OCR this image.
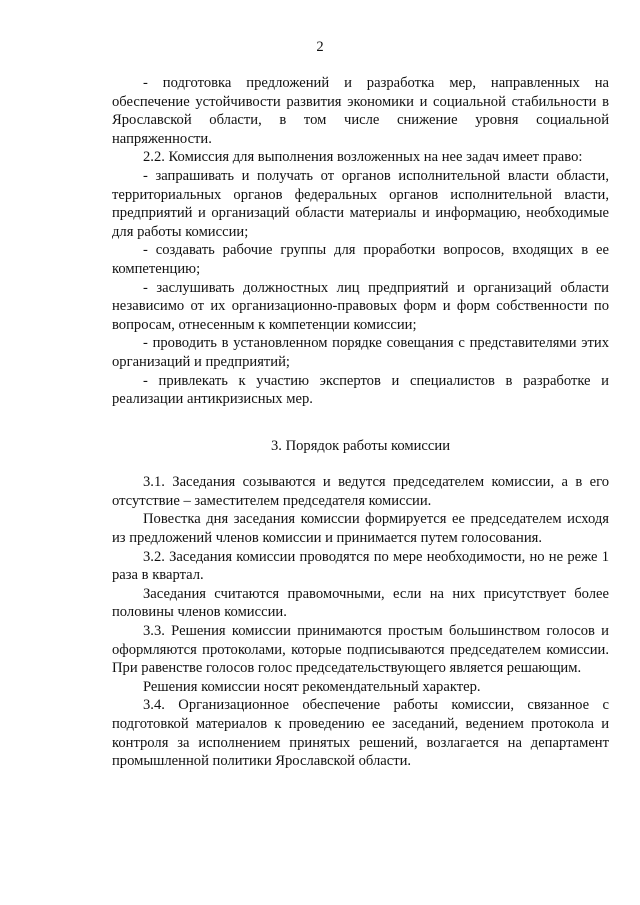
2

- подготовка предложений и разработка мер, направленных на обеспечение устойчивости развития экономики и социальной стабильности в Ярославской области, в том числе снижение уровня социальной напряженности.

2.2. Комиссия для выполнения возложенных на нее задач имеет право:

- запрашивать и получать от органов исполнительной власти области, территориальных органов федеральных органов исполнительной власти, предприятий и организаций области материалы и информацию, необходимые для работы комиссии;

- создавать рабочие группы для проработки вопросов, входящих в ее компетенцию;

- заслушивать должностных лиц предприятий и организаций области независимо от их организационно-правовых форм и форм собственности по вопросам, отнесенным к компетенции комиссии;

- проводить в установленном порядке совещания с представителями этих организаций и предприятий;

- привлекать к участию экспертов и специалистов в разработке и реализации антикризисных мер.

3. Порядок работы комиссии

3.1. Заседания созываются и ведутся председателем комиссии, а в его отсутствие – заместителем председателя комиссии.

Повестка дня заседания комиссии формируется ее председателем исходя из предложений членов комиссии и принимается путем голосования.

3.2. Заседания комиссии проводятся по мере необходимости, но не реже 1 раза в квартал.

Заседания считаются правомочными, если на них присутствует более половины членов комиссии.

3.3. Решения комиссии принимаются простым большинством голосов и оформляются протоколами, которые подписываются председателем комиссии. При равенстве голосов голос председательствующего является решающим.

Решения комиссии носят рекомендательный характер.

3.4. Организационное обеспечение работы комиссии, связанное с подготовкой материалов к проведению ее заседаний, ведением протокола и контроля за исполнением принятых решений, возлагается на департамент промышленной политики Ярославской области.
